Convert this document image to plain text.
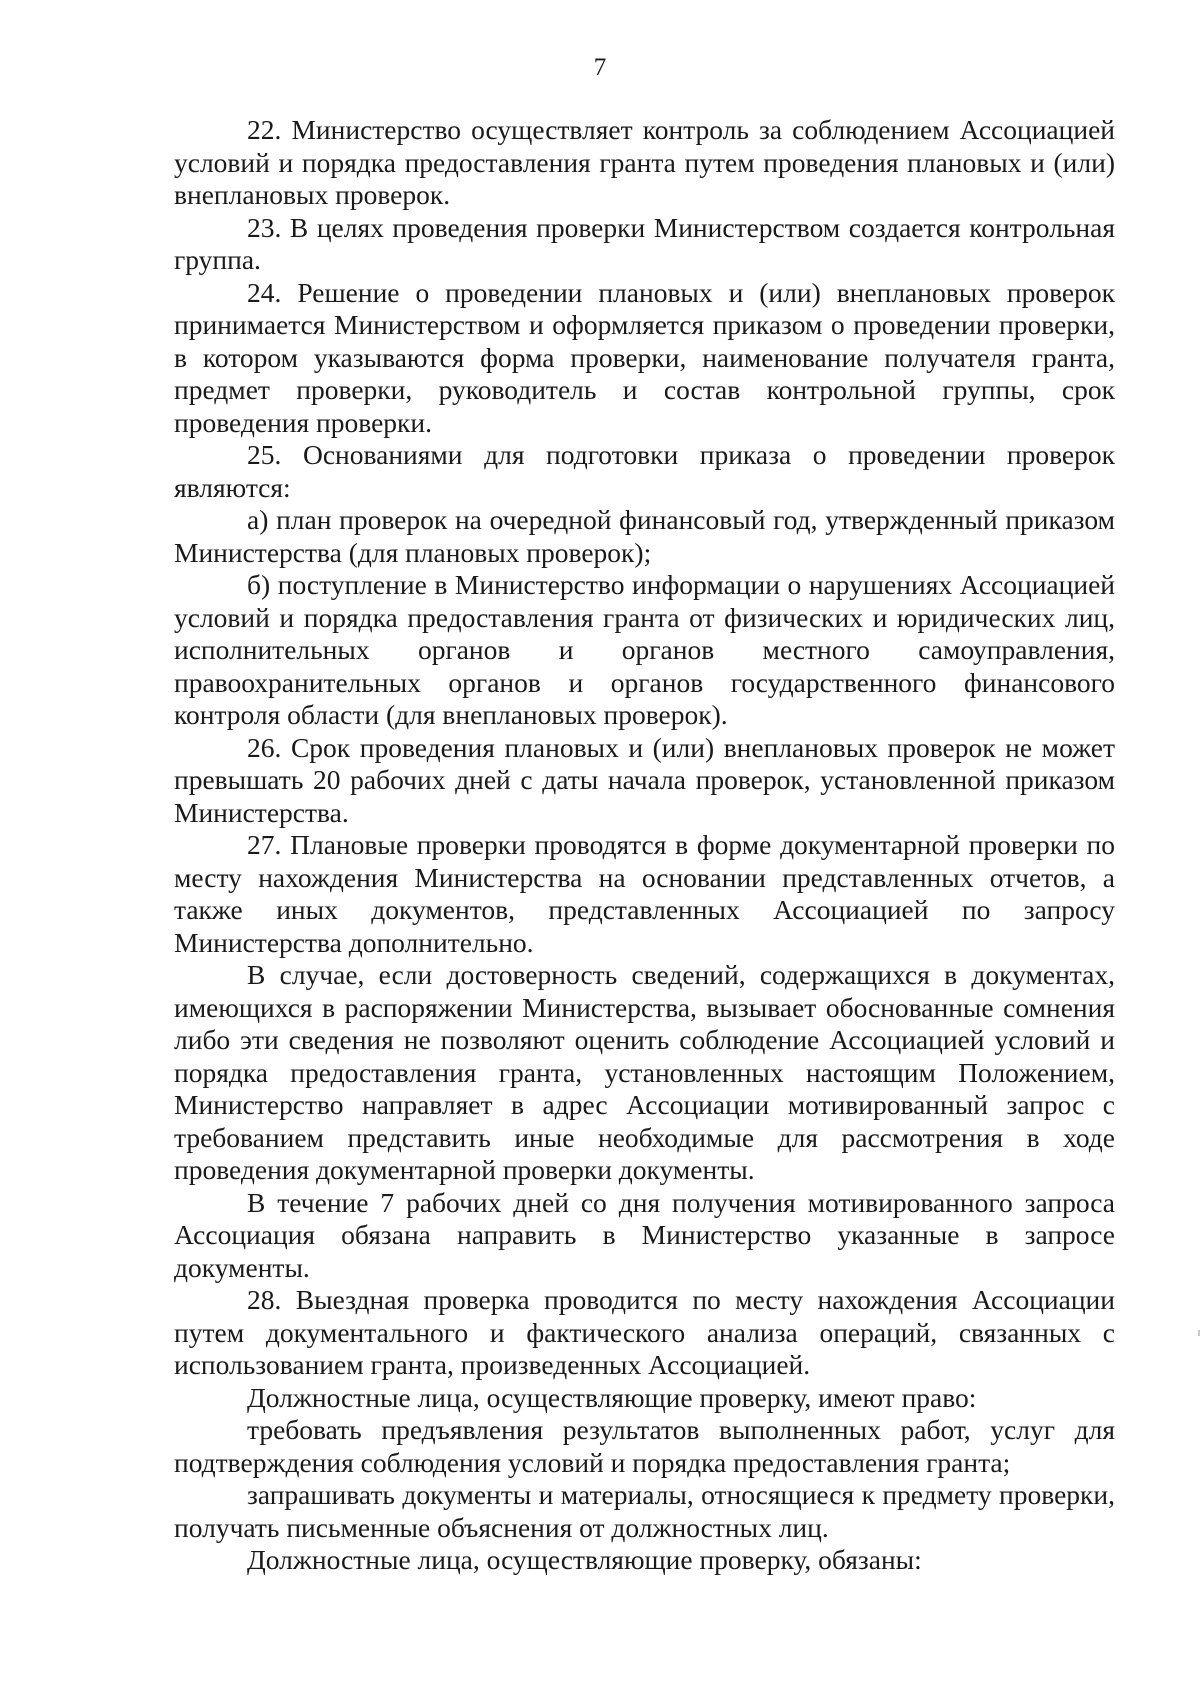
7

22. Министерство осуществляет контроль за соблюдением Ассоциацией условий и порядка предоставления гранта путем проведения плановых и (или) внеплановых проверок.

23. В целях проведения проверки Министерством создается контрольная группа.

24. Решение о проведении плановых и (или) внеплановых проверок принимается Министерством и оформляется приказом о проведении проверки, в котором указываются форма проверки, наименование получателя гранта, предмет проверки, руководитель и состав контрольной группы, срок проведения проверки.

25. Основаниями для подготовки приказа о проведении проверок являются:

а) план проверок на очередной финансовый год, утвержденный приказом Министерства (для плановых проверок);

б) поступление в Министерство информации о нарушениях Ассоциацией условий и порядка предоставления гранта от физических и юридических лиц, исполнительных органов и органов местного самоуправления, правоохранительных органов и органов государственного финансового контроля области (для внеплановых проверок).

26. Срок проведения плановых и (или) внеплановых проверок не может превышать 20 рабочих дней с даты начала проверок, установленной приказом Министерства.

27. Плановые проверки проводятся в форме документарной проверки по месту нахождения Министерства на основании представленных отчетов, а также иных документов, представленных Ассоциацией по запросу Министерства дополнительно.

В случае, если достоверность сведений, содержащихся в документах, имеющихся в распоряжении Министерства, вызывает обоснованные сомнения либо эти сведения не позволяют оценить соблюдение Ассоциацией условий и порядка предоставления гранта, установленных настоящим Положением, Министерство направляет в адрес Ассоциации мотивированный запрос с требованием представить иные необходимые для рассмотрения в ходе проведения документарной проверки документы.

В течение 7 рабочих дней со дня получения мотивированного запроса Ассоциация обязана направить в Министерство указанные в запросе документы.

28. Выездная проверка проводится по месту нахождения Ассоциации путем документального и фактического анализа операций, связанных с использованием гранта, произведенных Ассоциацией.

Должностные лица, осуществляющие проверку, имеют право:

требовать предъявления результатов выполненных работ, услуг для подтверждения соблюдения условий и порядка предоставления гранта;

запрашивать документы и материалы, относящиеся к предмету проверки, получать письменные объяснения от должностных лиц.

Должностные лица, осуществляющие проверку, обязаны:
